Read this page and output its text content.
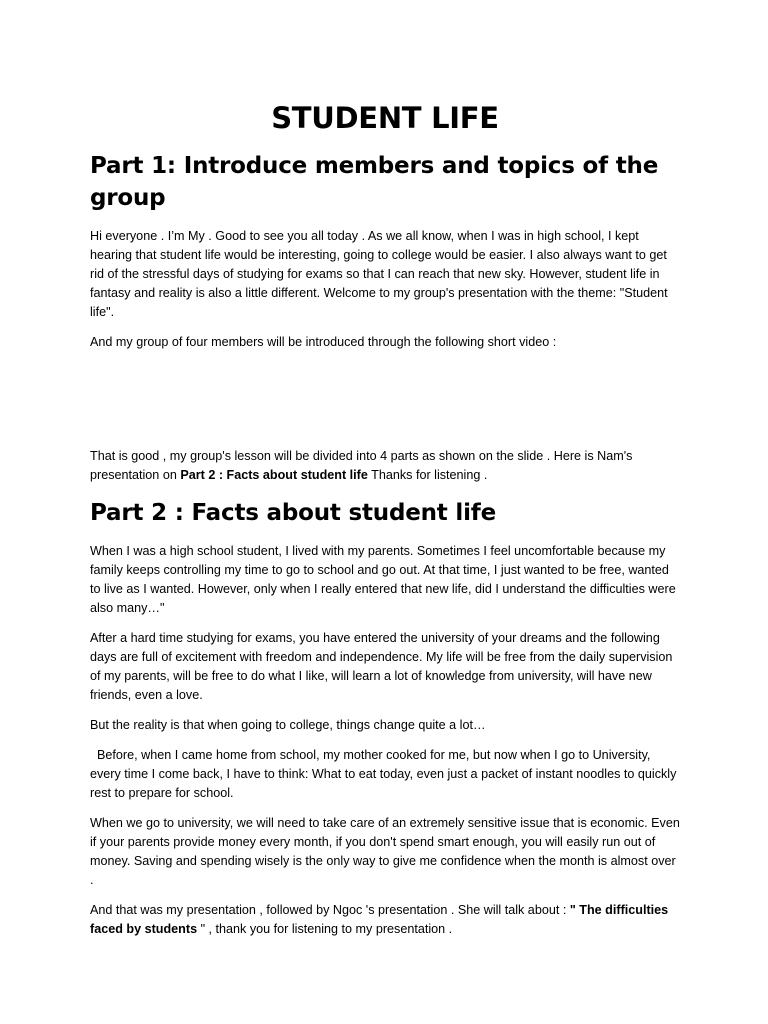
STUDENT LIFE
Part 1: Introduce members and topics of the group

Hi everyone . I’m My . Good to see you all today . As we all know, when I was in high school, I kept hearing that student life would be interesting, going to college would be easier. I also always want to get rid of the stressful days of studying for exams so that I can reach that new sky. However, student life in fantasy and reality is also a little different. Welcome to my group's presentation with the theme: "Student life".

And my group of four members will be introduced through the following short video :

That is good , my group's lesson will be divided into 4 parts as shown on the slide . Here is Nam's presentation on Part 2 : Facts about student life Thanks for listening .

Part 2 : Facts about student life

When I was a high school student, I lived with my parents. Sometimes I feel uncomfortable because my family keeps controlling my time to go to school and go out. At that time, I just wanted to be free, wanted to live as I wanted. However, only when I really entered that new life, did I understand the difficulties were also many…"

After a hard time studying for exams, you have entered the university of your dreams and the following days are full of excitement with freedom and independence. My life will be free from the daily supervision of my parents, will be free to do what I like, will learn a lot of knowledge from university, will have new friends, even a love.

But the reality is that when going to college, things change quite a lot…

Before, when I came home from school, my mother cooked for me, but now when I go to University, every time I come back, I have to think: What to eat today, even just a packet of instant noodles to quickly rest to prepare for school.

When we go to university, we will need to take care of an extremely sensitive issue that is economic. Even if your parents provide money every month, if you don't spend smart enough, you will easily run out of money. Saving and spending wisely is the only way to give me confidence when the month is almost over .

And that was my presentation , followed by Ngoc 's presentation . She will talk about : " The difficulties faced by students " , thank you for listening to my presentation .
